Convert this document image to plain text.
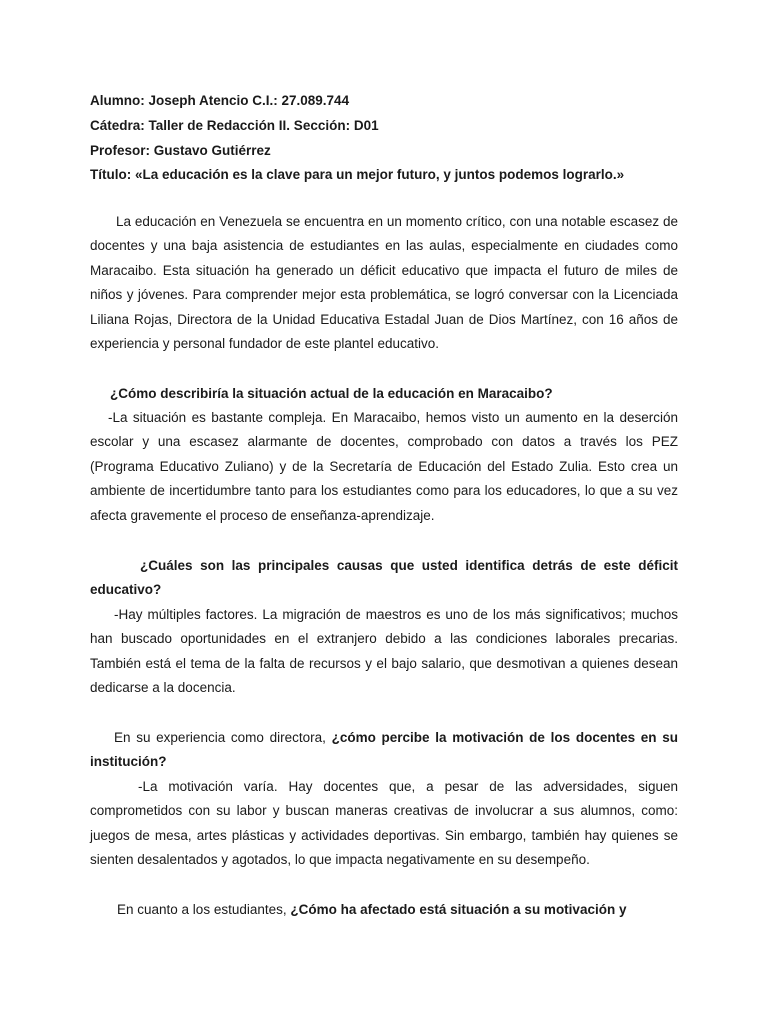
Alumno: Joseph Atencio C.I.: 27.089.744
Cátedra: Taller de Redacción II. Sección: D01
Profesor: Gustavo Gutiérrez
Título: «La educación es la clave para un mejor futuro, y juntos podemos lograrlo.»

La educación en Venezuela se encuentra en un momento crítico, con una notable escasez de docentes y una baja asistencia de estudiantes en las aulas, especialmente en ciudades como Maracaibo. Esta situación ha generado un déficit educativo que impacta el futuro de miles de niños y jóvenes. Para comprender mejor esta problemática, se logró conversar con la Licenciada Liliana Rojas, Directora de la Unidad Educativa Estadal Juan de Dios Martínez, con 16 años de experiencia y personal fundador de este plantel educativo.

¿Cómo describiría la situación actual de la educación en Maracaibo?

-La situación es bastante compleja. En Maracaibo, hemos visto un aumento en la deserción escolar y una escasez alarmante de docentes, comprobado con datos a través los PEZ (Programa Educativo Zuliano) y de la Secretaría de Educación del Estado Zulia. Esto crea un ambiente de incertidumbre tanto para los estudiantes como para los educadores, lo que a su vez afecta gravemente el proceso de enseñanza-aprendizaje.

¿Cuáles son las principales causas que usted identifica detrás de este déficit educativo?

-Hay múltiples factores. La migración de maestros es uno de los más significativos; muchos han buscado oportunidades en el extranjero debido a las condiciones laborales precarias. También está el tema de la falta de recursos y el bajo salario, que desmotivan a quienes desean dedicarse a la docencia.

En su experiencia como directora, ¿cómo percibe la motivación de los docentes en su institución?

-La motivación varía. Hay docentes que, a pesar de las adversidades, siguen comprometidos con su labor y buscan maneras creativas de involucrar a sus alumnos, como: juegos de mesa, artes plásticas y actividades deportivas. Sin embargo, también hay quienes se sienten desalentados y agotados, lo que impacta negativamente en su desempeño.

En cuanto a los estudiantes, ¿Cómo ha afectado está situación a su motivación y
